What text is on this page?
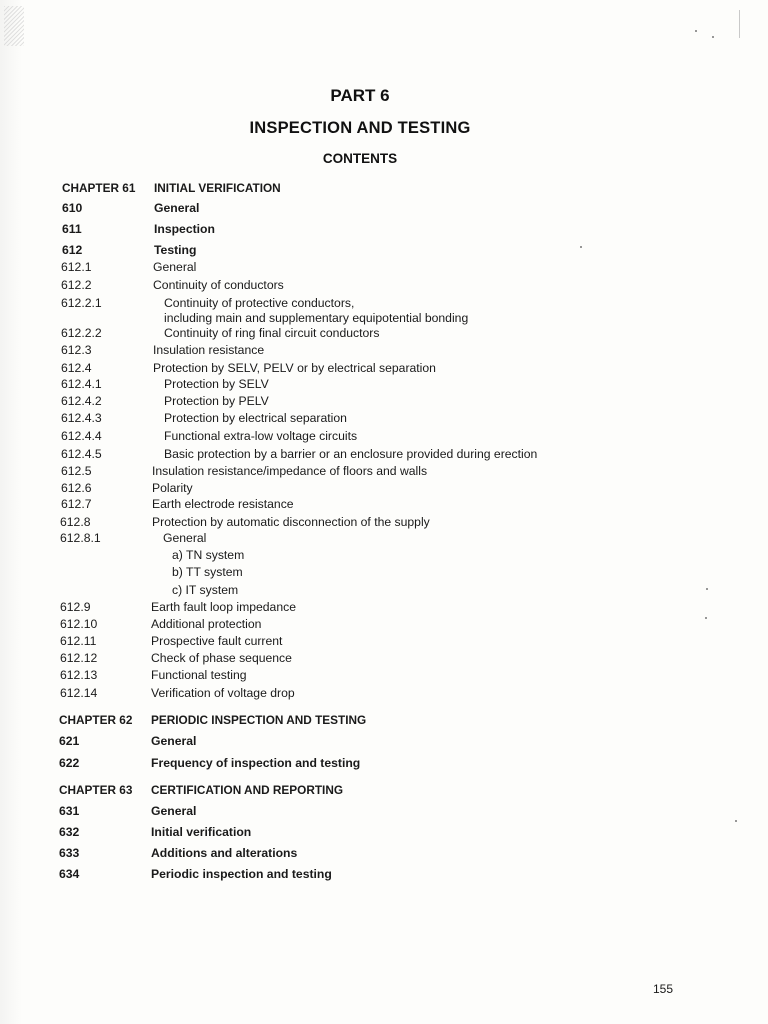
PART 6
INSPECTION AND TESTING
CONTENTS
CHAPTER 61 INITIAL VERIFICATION
610	General
611	Inspection
612	Testing
612.1	General
612.2	Continuity of conductors
612.2.1	Continuity of protective conductors,
including main and supplementary equipotential bonding
612.2.2	Continuity of ring final circuit conductors
612.3	Insulation resistance
612.4	Protection by SELV, PELV or by electrical separation
612.4.1	Protection by SELV
612.4.2	Protection by PELV
612.4.3	Protection by electrical separation
612.4.4	Functional extra-low voltage circuits
612.4.5	Basic protection by a barrier or an enclosure provided during erection
612.5	Insulation resistance/impedance of floors and walls
612.6	Polarity
612.7	Earth electrode resistance
612.8	Protection by automatic disconnection of the supply
612.8.1	General
a) TN system
b) TT system
c) IT system
612.9	Earth fault loop impedance
612.10	Additional protection
612.11	Prospective fault current
612.12	Check of phase sequence
612.13	Functional testing
612.14	Verification of voltage drop
CHAPTER 62 PERIODIC INSPECTION AND TESTING
621	General
622	Frequency of inspection and testing
CHAPTER 63 CERTIFICATION AND REPORTING
631	General
632	Initial verification
633	Additions and alterations
634	Periodic inspection and testing
155
